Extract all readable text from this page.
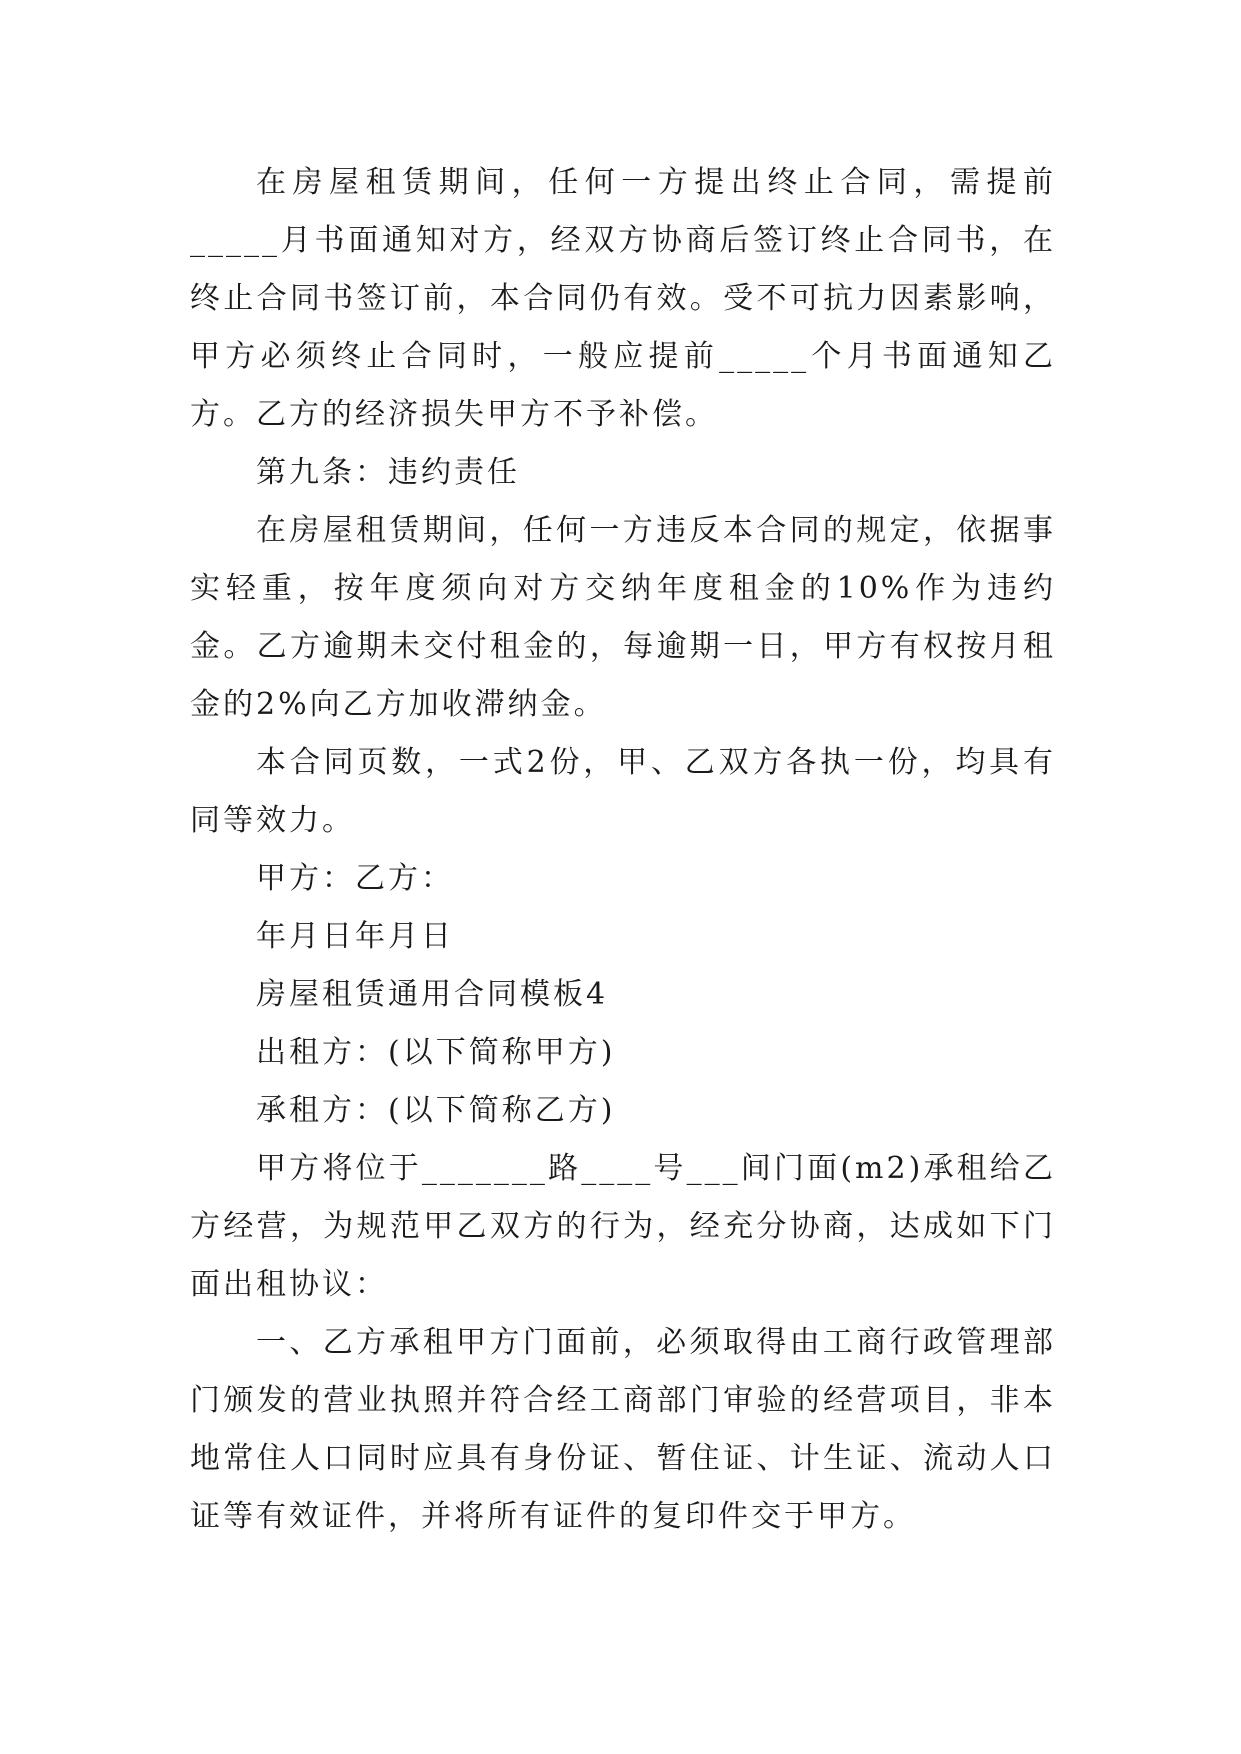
在房屋租赁期间，任何一方提出终止合同，需提前_____月书面通知对方，经双方协商后签订终止合同书，在终止合同书签订前，本合同仍有效。受不可抗力因素影响，甲方必须终止合同时，一般应提前_____个月书面通知乙方。乙方的经济损失甲方不予补偿。

第九条：违约责任

在房屋租赁期间，任何一方违反本合同的规定，依据事实轻重，按年度须向对方交纳年度租金的10%作为违约金。乙方逾期未交付租金的，每逾期一日，甲方有权按月租金的2%向乙方加收滞纳金。

本合同页数，一式2份，甲、乙双方各执一份，均具有同等效力。

甲方：乙方：

年月日年月日

房屋租赁通用合同模板4

出租方：(以下简称甲方)

承租方：(以下简称乙方)

甲方将位于_______路____号___间门面(m2)承租给乙方经营，为规范甲乙双方的行为，经充分协商，达成如下门面出租协议：

一、乙方承租甲方门面前，必须取得由工商行政管理部门颁发的营业执照并符合经工商部门审验的经营项目，非本地常住人口同时应具有身份证、暂住证、计生证、流动人口证等有效证件，并将所有证件的复印件交于甲方。
